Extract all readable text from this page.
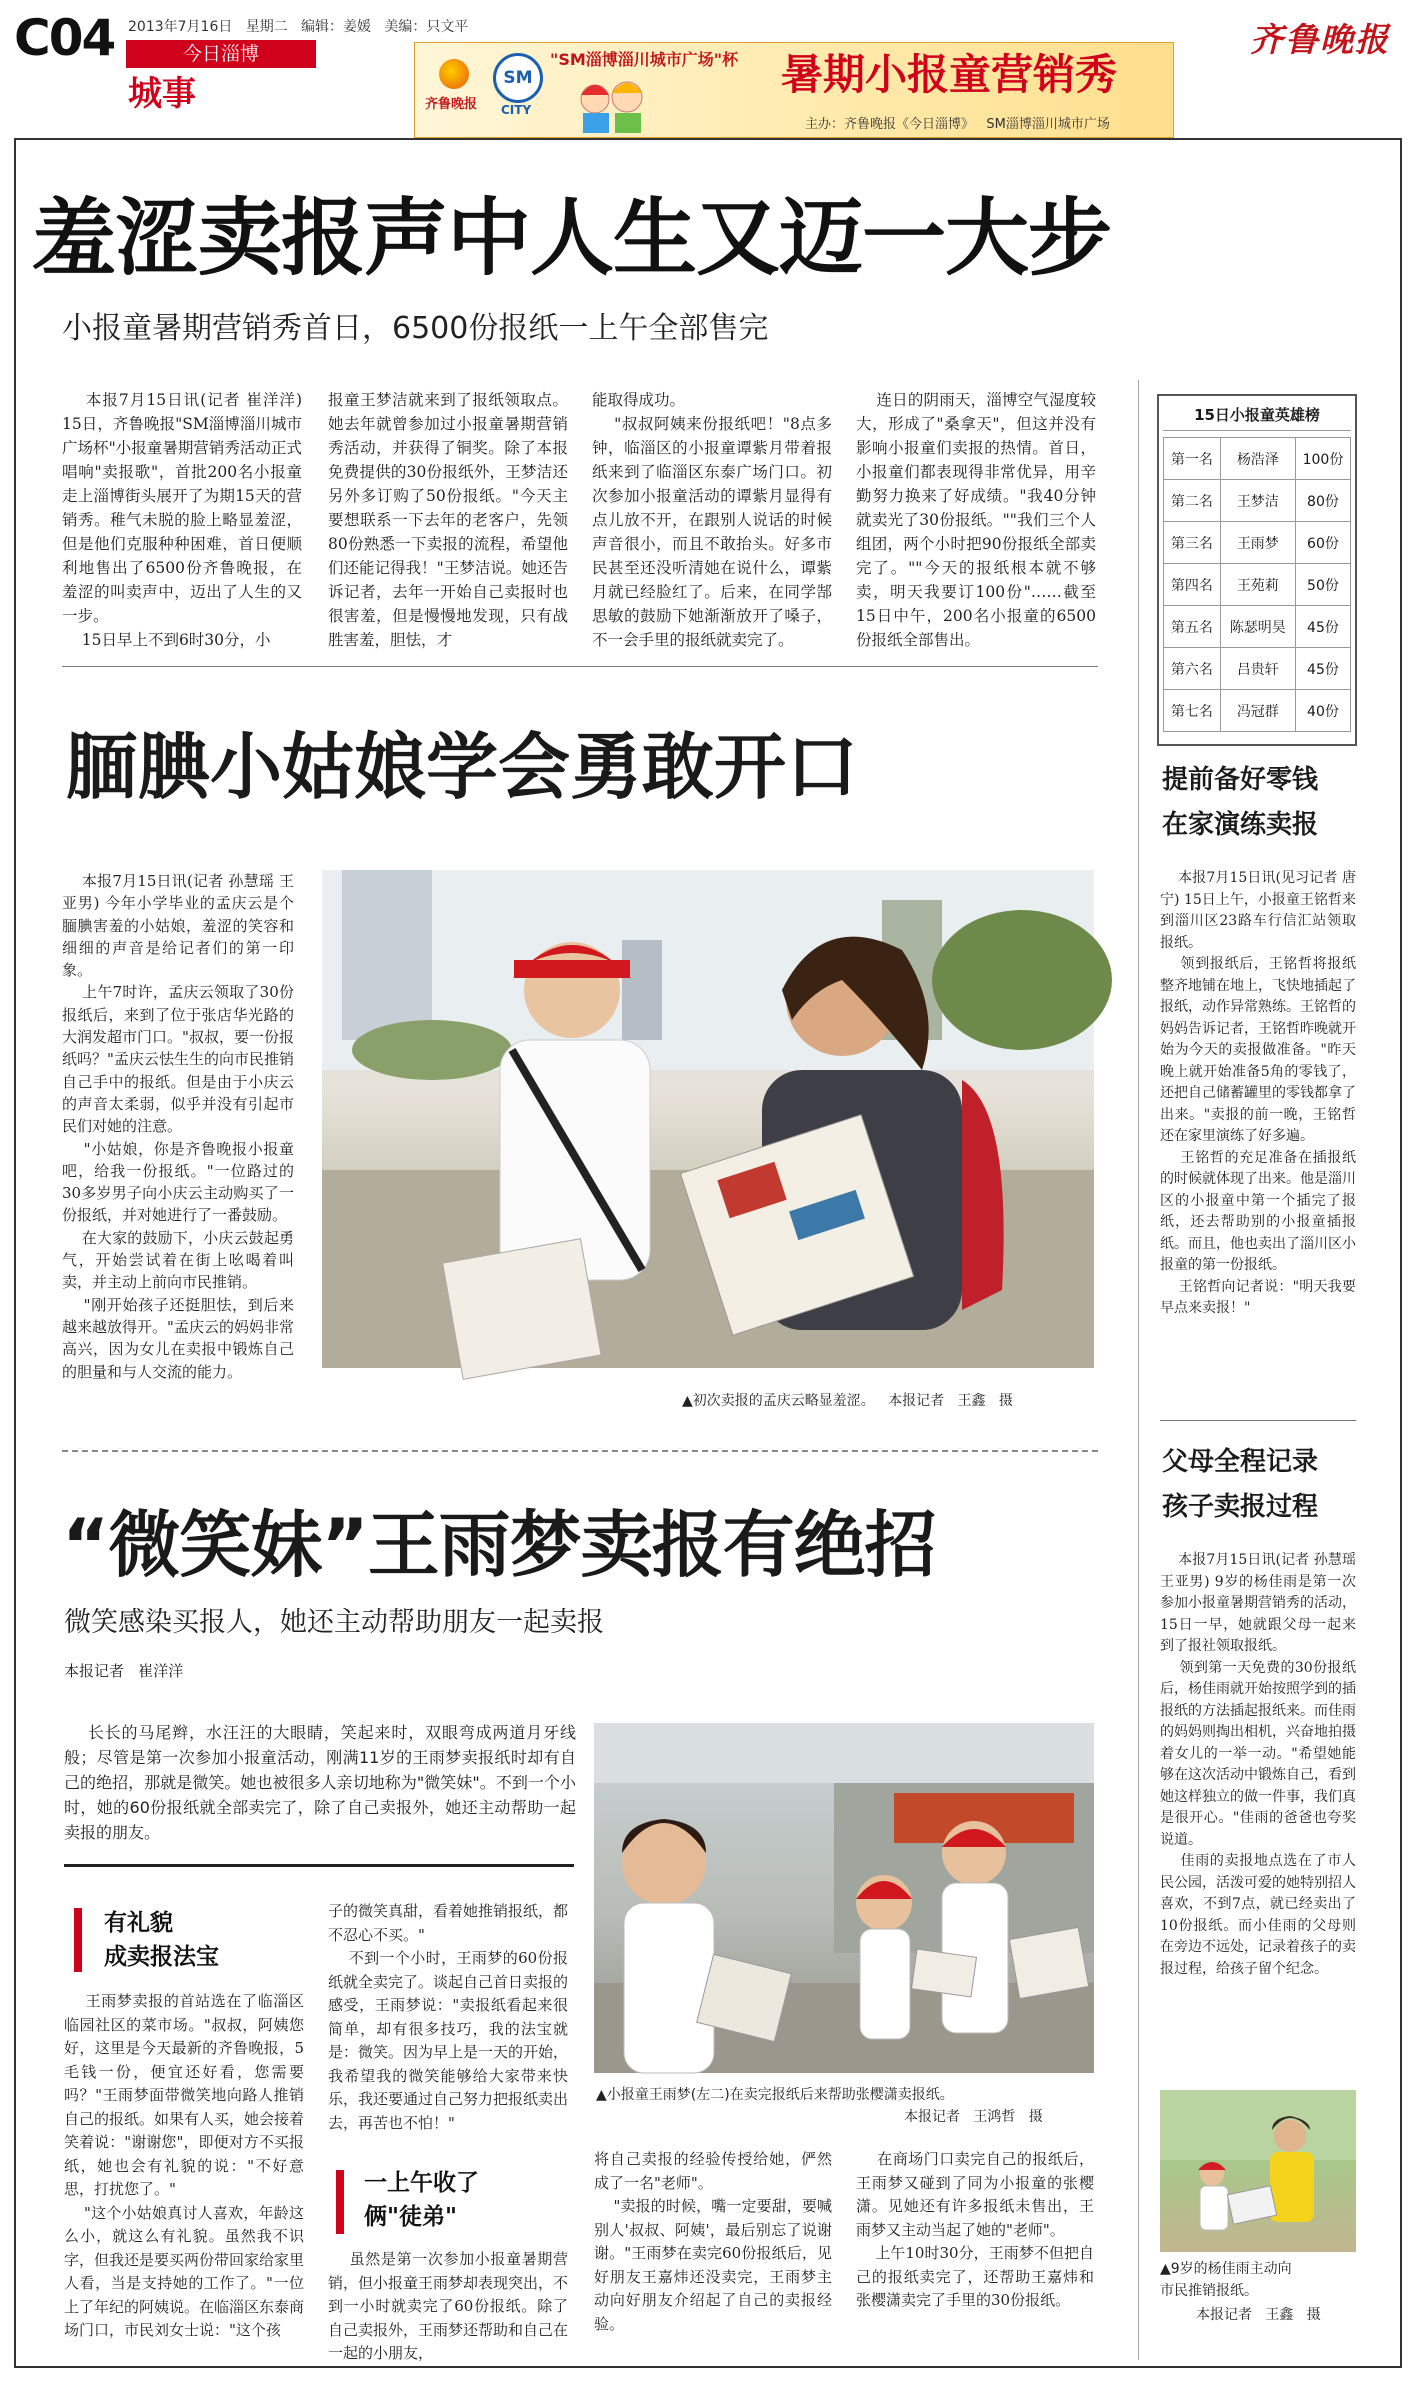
C04 2013年7月16日   星期二   编辑：姜媛   美编：只文平
今日淄博
城事	齐鲁晚报
SM
CITY
"SM淄博淄川城市广场"杯 暑期小报童营销秀
主办：齐鲁晚报《今日淄博》   SM淄博淄川城市广场
齐鲁晚报
羞涩卖报声中人生又迈一大步
小报童暑期营销秀首日，6500份报纸一上午全部售完
本报7月15日讯(记者 崔洋洋) 15日，齐鲁晚报"SM淄博淄川城市广场杯"小报童暑期营销秀活动正式唱响"卖报歌"，首批200名小报童走上淄博街头展开了为期15天的营销秀。稚气未脱的脸上略显羞涩，但是他们克服种种困难，首日便顺利地售出了6500份齐鲁晚报，在羞涩的叫卖声中，迈出了人生的又一步。
15日早上不到6时30分，小
报童王梦洁就来到了报纸领取点。她去年就曾参加过小报童暑期营销秀活动，并获得了铜奖。除了本报免费提供的30份报纸外，王梦洁还另外多订购了50份报纸。"今天主要想联系一下去年的老客户，先领80份熟悉一下卖报的流程，希望他们还能记得我！"王梦洁说。她还告诉记者，去年一开始自己卖报时也很害羞，但是慢慢地发现，只有战胜害羞，胆怯，才
能取得成功。
"叔叔阿姨来份报纸吧！"8点多钟，临淄区的小报童谭紫月带着报纸来到了临淄区东泰广场门口。初次参加小报童活动的谭紫月显得有点儿放不开，在跟别人说话的时候声音很小，而且不敢抬头。好多市民甚至还没听清她在说什么，谭紫月就已经脸红了。后来，在同学郜思敏的鼓励下她渐渐放开了嗓子，不一会手里的报纸就卖完了。
连日的阴雨天，淄博空气湿度较大，形成了"桑拿天"，但这并没有影响小报童们卖报的热情。首日，小报童们都表现得非常优异，用辛勤努力换来了好成绩。"我40分钟就卖光了30份报纸。""我们三个人组团，两个小时把90份报纸全部卖完了。""今天的报纸根本就不够卖，明天我要订100份"……截至15日中午，200名小报童的6500份报纸全部售出。
15日小报童英雄榜
第一名	杨浩泽	100份
第二名	王梦洁	80份
第三名	王雨梦	60份
第四名	王苑莉	50份
第五名	陈瑟明昊	45份
第六名	吕贵轩	45份
第七名	冯冠群	40份
提前备好零钱
在家演练卖报
本报7月15日讯(见习记者 唐宁) 15日上午，小报童王铭哲来到淄川区23路车行信汇站领取报纸。
领到报纸后，王铭哲将报纸整齐地铺在地上，飞快地插起了报纸，动作异常熟练。王铭哲的妈妈告诉记者，王铭哲昨晚就开始为今天的卖报做准备。"昨天晚上就开始准备5角的零钱了，还把自己储蓄罐里的零钱都拿了出来。"卖报的前一晚，王铭哲还在家里演练了好多遍。
王铭哲的充足准备在插报纸的时候就体现了出来。他是淄川区的小报童中第一个插完了报纸，还去帮助别的小报童插报纸。而且，他也卖出了淄川区小报童的第一份报纸。
王铭哲向记者说："明天我要早点来卖报！"
父母全程记录
孩子卖报过程
本报7月15日讯(记者 孙慧瑶 王亚男) 9岁的杨佳雨是第一次参加小报童暑期营销秀的活动，15日一早，她就跟父母一起来到了报社领取报纸。
领到第一天免费的30份报纸后，杨佳雨就开始按照学到的插报纸的方法插起报纸来。而佳雨的妈妈则掏出相机，兴奋地拍摄着女儿的一举一动。"希望她能够在这次活动中锻炼自己，看到她这样独立的做一件事，我们真是很开心。"佳雨的爸爸也夸奖说道。
佳雨的卖报地点选在了市人民公园，活泼可爱的她特别招人喜欢，不到7点，就已经卖出了10份报纸。而小佳雨的父母则在旁边不远处，记录着孩子的卖报过程，给孩子留个纪念。
▲9岁的杨佳雨主动向
市民推销报纸。
本报记者   王鑫   摄
腼腆小姑娘学会勇敢开口
本报7月15日讯(记者 孙慧瑶 王亚男) 今年小学毕业的孟庆云是个腼腆害羞的小姑娘，羞涩的笑容和细细的声音是给记者们的第一印象。
上午7时许，孟庆云领取了30份报纸后，来到了位于张店华光路的大润发超市门口。"叔叔，要一份报纸吗？"孟庆云怯生生的向市民推销自己手中的报纸。但是由于小庆云的声音太柔弱，似乎并没有引起市民们对她的注意。
"小姑娘，你是齐鲁晚报小报童吧，给我一份报纸。"一位路过的30多岁男子向小庆云主动购买了一份报纸，并对她进行了一番鼓励。
在大家的鼓励下，小庆云鼓起勇气，开始尝试着在街上吆喝着叫卖，并主动上前向市民推销。
"刚开始孩子还挺胆怯，到后来越来越放得开。"孟庆云的妈妈非常高兴，因为女儿在卖报中锻炼自己的胆量和与人交流的能力。
▲初次卖报的孟庆云略显羞涩。   本报记者   王鑫   摄
“微笑妹”王雨梦卖报有绝招
微笑感染买报人，她还主动帮助朋友一起卖报
本报记者   崔洋洋
长长的马尾辫，水汪汪的大眼睛，笑起来时，双眼弯成两道月牙线般；尽管是第一次参加小报童活动，刚满11岁的王雨梦卖报纸时却有自己的绝招，那就是微笑。她也被很多人亲切地称为"微笑妹"。不到一个小时，她的60份报纸就全部卖完了，除了自己卖报外，她还主动帮助一起卖报的朋友。
▲小报童王雨梦(左二)在卖完报纸后来帮助张樱潇卖报纸。
本报记者   王鸿哲   摄
有礼貌
成卖报法宝
王雨梦卖报的首站选在了临淄区临园社区的菜市场。"叔叔，阿姨您好，这里是今天最新的齐鲁晚报，5毛钱一份，便宜还好看，您需要吗？"王雨梦面带微笑地向路人推销自己的报纸。如果有人买，她会接着笑着说："谢谢您"，即便对方不买报纸，她也会有礼貌的说："不好意思，打扰您了。"
"这个小姑娘真讨人喜欢，年龄这么小，就这么有礼貌。虽然我不识字，但我还是要买两份带回家给家里人看，当是支持她的工作了。"一位上了年纪的阿姨说。在临淄区东泰商场门口，市民刘女士说："这个孩
子的微笑真甜，看着她推销报纸，都不忍心不买。"
不到一个小时，王雨梦的60份报纸就全卖完了。谈起自己首日卖报的感受，王雨梦说："卖报纸看起来很简单，却有很多技巧，我的法宝就是：微笑。因为早上是一天的开始，我希望我的微笑能够给大家带来快乐，我还要通过自己努力把报纸卖出去，再苦也不怕！"
一上午收了
俩"徒弟"
虽然是第一次参加小报童暑期营销，但小报童王雨梦却表现突出，不到一小时就卖完了60份报纸。除了自己卖报外，王雨梦还帮助和自己在一起的小朋友，
将自己卖报的经验传授给她，俨然成了一名"老师"。
"卖报的时候，嘴一定要甜，要喊别人'叔叔、阿姨'，最后别忘了说谢谢。"王雨梦在卖完60份报纸后，见好朋友王嘉炜还没卖完，王雨梦主动向好朋友介绍起了自己的卖报经验。
在商场门口卖完自己的报纸后，王雨梦又碰到了同为小报童的张樱潇。见她还有许多报纸未售出，王雨梦又主动当起了她的"老师"。
上午10时30分，王雨梦不但把自己的报纸卖完了，还帮助王嘉炜和张樱潇卖完了手里的30份报纸。
